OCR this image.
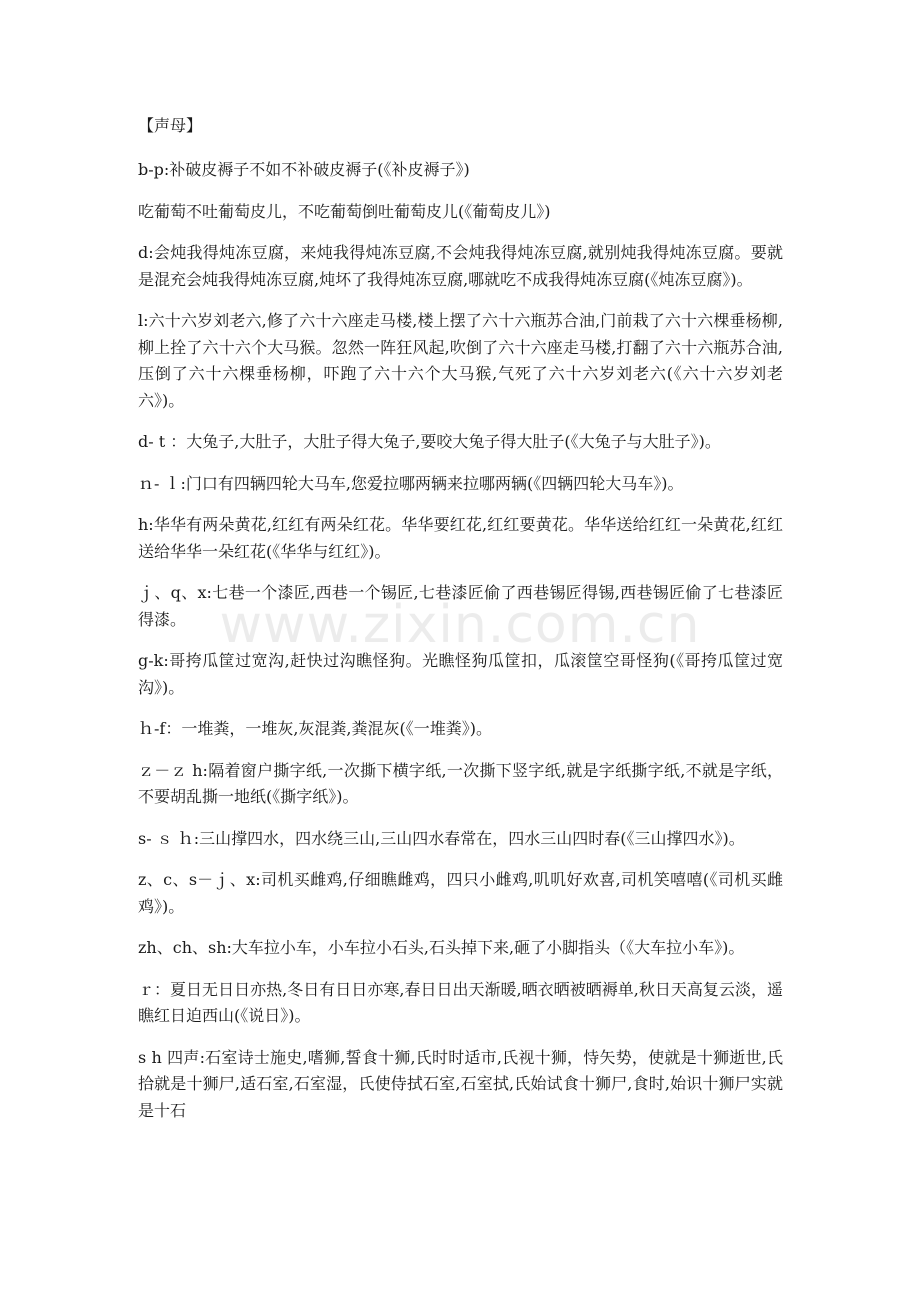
【声母】

b-p:补破皮褥子不如不补破皮褥子(《补皮褥子》)

吃葡萄不吐葡萄皮儿，不吃葡萄倒吐葡萄皮儿(《葡萄皮儿》)

d:会炖我得炖冻豆腐，来炖我得炖冻豆腐,不会炖我得炖冻豆腐,就别炖我得炖冻豆腐。要就是混充会炖我得炖冻豆腐,炖坏了我得炖冻豆腐,哪就吃不成我得炖冻豆腐(《炖冻豆腐》)。

l:六十六岁刘老六,修了六十六座走马楼,楼上摆了六十六瓶苏合油,门前栽了六十六棵垂杨柳,柳上拴了六十六个大马猴。忽然一阵狂风起,吹倒了六十六座走马楼,打翻了六十六瓶苏合油,压倒了六十六棵垂杨柳，吓跑了六十六个大马猴,气死了六十六岁刘老六(《六十六岁刘老六》)。

d- t ：大兔子,大肚子，大肚子得大兔子,要咬大兔子得大肚子(《大兔子与大肚子》)。

ｎ- ｌ:门口有四辆四轮大马车,您爱拉哪两辆来拉哪两辆(《四辆四轮大马车》)。

h:华华有两朵黄花,红红有两朵红花。华华要红花,红红要黄花。华华送给红红一朵黄花,红红送给华华一朵红花(《华华与红红》)。

ｊ、q、x:七巷一个漆匠,西巷一个锡匠,七巷漆匠偷了西巷锡匠得锡,西巷锡匠偷了七巷漆匠得漆。

g-k:哥挎瓜筐过宽沟,赶快过沟瞧怪狗。光瞧怪狗瓜筐扣，瓜滚筐空哥怪狗(《哥挎瓜筐过宽沟》)。

ｈ-f：一堆粪，一堆灰,灰混粪,粪混灰(《一堆粪》)。

ｚ－ｚ h:隔着窗户撕字纸,一次撕下横字纸,一次撕下竖字纸,就是字纸撕字纸,不就是字纸，不要胡乱撕一地纸(《撕字纸》)。

s- ｓ ｈ:三山撑四水，四水绕三山,三山四水春常在，四水三山四时春(《三山撑四水》)。

z、c、s－ｊ、x:司机买雌鸡,仔细瞧雌鸡，四只小雌鸡,叽叽好欢喜,司机笑嘻嘻(《司机买雌鸡》)。

zh、ch、sh:大车拉小车，小车拉小石头,石头掉下来,砸了小脚指头（《大车拉小车》)。

ｒ：夏日无日日亦热,冬日有日日亦寒,春日日出天渐暖,晒衣晒被晒褥单,秋日天高复云淡，遥瞧红日迫西山(《说日》)。

s h 四声:石室诗士施史,嗜狮,誓食十狮,氏时时适市,氏视十狮，恃矢势，使就是十狮逝世,氏拾就是十狮尸,适石室,石室湿，氏使侍拭石室,石室拭,氏始试食十狮尸,食时,始识十狮尸实就是十石

www.zixin.com.cn
